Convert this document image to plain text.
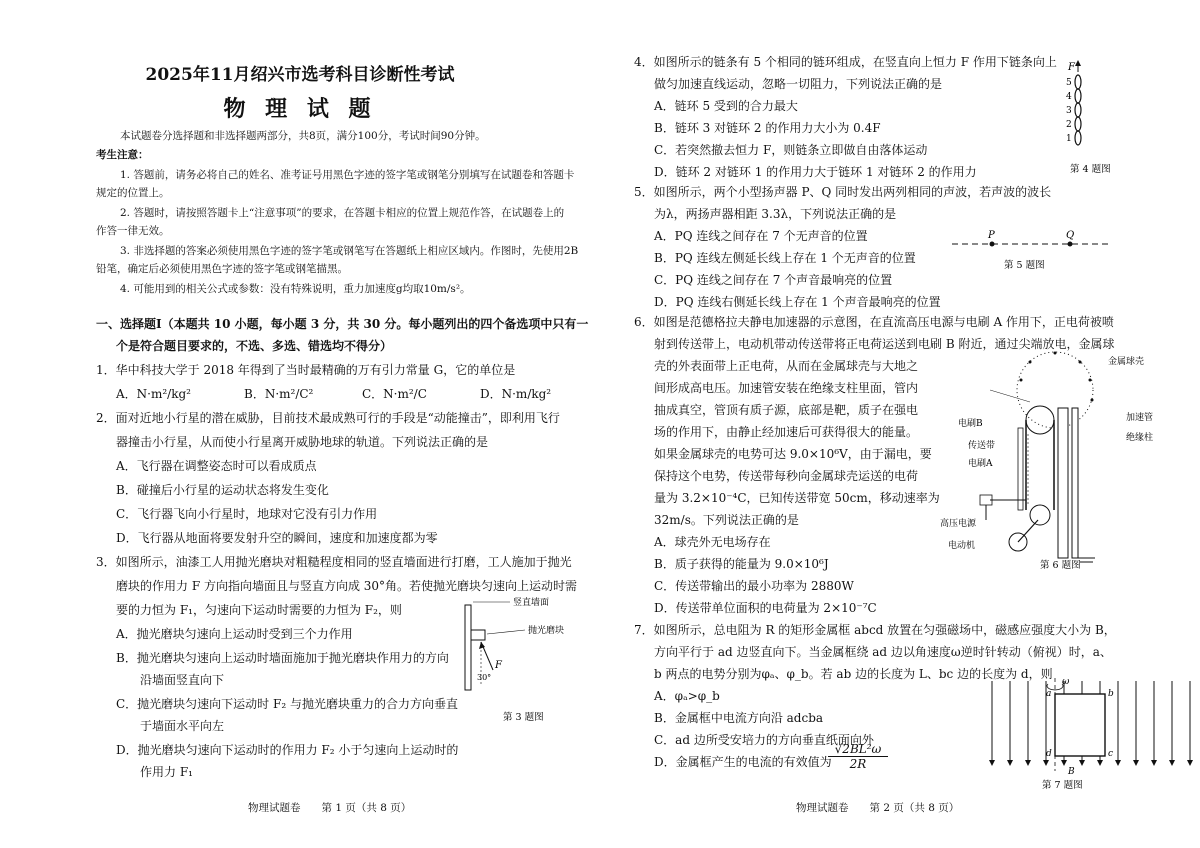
2025年11月绍兴市选考科目诊断性考试
物 理 试 题
本试题卷分选择题和非选择题两部分，共8页，满分100分，考试时间90分钟。
考生注意：
1. 答题前，请务必将自己的姓名、准考证号用黑色字迹的签字笔或钢笔分别填写在试题卷和答题卡
规定的位置上。
2. 答题时，请按照答题卡上“注意事项”的要求，在答题卡相应的位置上规范作答，在试题卷上的
作答一律无效。
3. 非选择题的答案必须使用黑色字迹的签字笔或钢笔写在答题纸上相应区域内。作图时，先使用2B
铅笔，确定后必须使用黑色字迹的签字笔或钢笔描黑。
4. 可能用到的相关公式或参数：没有特殊说明，重力加速度g均取10m/s²。
一、选择题Ⅰ（本题共 10 小题，每小题 3 分，共 30 分。每小题列出的四个备选项中只有一
个是符合题目要求的，不选、多选、错选均不得分）
1．华中科技大学于 2018 年得到了当时最精确的万有引力常量 G，它的单位是
A．N·m²/kg²	B．N·m²/C²	C．N·m²/C	D．N·m/kg²
2．面对近地小行星的潜在威胁，目前技术最成熟可行的手段是“动能撞击”，即利用飞行
器撞击小行星，从而使小行星离开威胁地球的轨道。下列说法正确的是
A．飞行器在调整姿态时可以看成质点
B．碰撞后小行星的运动状态将发生变化
C．飞行器飞向小行星时，地球对它没有引力作用
D．飞行器从地面将要发射升空的瞬间，速度和加速度都为零
3．如图所示，油漆工人用抛光磨块对粗糙程度相同的竖直墙面进行打磨，工人施加于抛光
磨块的作用力 F 方向指向墙面且与竖直方向成 30°角。若使抛光磨块匀速向上运动时需
要的力恒为 F₁，匀速向下运动时需要的力恒为 F₂，则
A．抛光磨块匀速向上运动时受到三个力作用
B．抛光磨块匀速向上运动时墙面施加于抛光磨块作用力的方向
沿墙面竖直向下
C．抛光磨块匀速向下运动时 F₂ 与抛光磨块重力的合力方向垂直
于墙面水平向左
D．抛光磨块匀速向下运动时的作用力 F₂ 小于匀速向上运动时的
作用力 F₁
竖直墙面
抛光磨块
F
30°
第 3 题图
物理试题卷　　第 1 页（共 8 页）
4．如图所示的链条有 5 个相同的链环组成，在竖直向上恒力 F 作用下链条向上
做匀加速直线运动，忽略一切阻力，下列说法正确的是
A．链环 5 受到的合力最大
B．链环 3 对链环 2 的作用力大小为 0.4F
C．若突然撤去恒力 F，则链条立即做自由落体运动
D．链环 2 对链环 1 的作用力大于链环 1 对链环 2 的作用力
F
5
4
3
2
1
第 4 题图
5．如图所示，两个小型扬声器 P、Q 同时发出两列相同的声波，若声波的波长
为λ，两扬声器相距 3.3λ，下列说法正确的是
A．PQ 连线之间存在 7 个无声音的位置
B．PQ 连线左侧延长线上存在 1 个无声音的位置
C．PQ 连线之间存在 7 个声音最响亮的位置
D．PQ 连线右侧延长线上存在 1 个声音最响亮的位置
P	Q
第 5 题图
6．如图是范德格拉夫静电加速器的示意图，在直流高压电源与电刷 A 作用下，正电荷被喷
射到传送带上，电动机带动传送带将正电荷运送到电刷 B 附近，通过尖端放电，金属球
壳的外表面带上正电荷，从而在金属球壳与大地之
间形成高电压。加速管安装在绝缘支柱里面，管内
抽成真空，管顶有质子源，底部是靶，质子在强电
场的作用下，由静止经加速后可获得很大的能量。
如果金属球壳的电势可达 9.0×10⁶V，由于漏电，要
保持这个电势，传送带每秒向金属球壳运送的电荷
量为 3.2×10⁻⁴C，已知传送带宽 50cm，移动速率为
32m/s。下列说法正确的是
A．球壳外无电场存在
B．质子获得的能量为 9.0×10⁶J
C．传送带输出的最小功率为 2880W
D．传送带单位面积的电荷量为 2×10⁻⁷C
金属球壳
加速管
绝缘柱
电刷B
传送带
电刷A
高压电源
电动机
第 6 题图
7．如图所示，总电阻为 R 的矩形金属框 abcd 放置在匀强磁场中，磁感应强度大小为 B，
方向平行于 ad 边竖直向下。当金属框绕 ad 边以角速度ω逆时针转动（俯视）时，a、
b 两点的电势分别为φₐ、φ_b。若 ab 边的长度为 L、bc 边的长度为 d，则
A．φₐ>φ_b
B．金属框中电流方向沿 adcba
C．ad 边所受安培力的方向垂直纸面向外
D．金属框产生的电流的有效值为
$\frac{\text{√2BL²ω}}{2R}$
ω
a	b
c
d
B
第 7 题图
物理试题卷　　第 2 页（共 8 页）
